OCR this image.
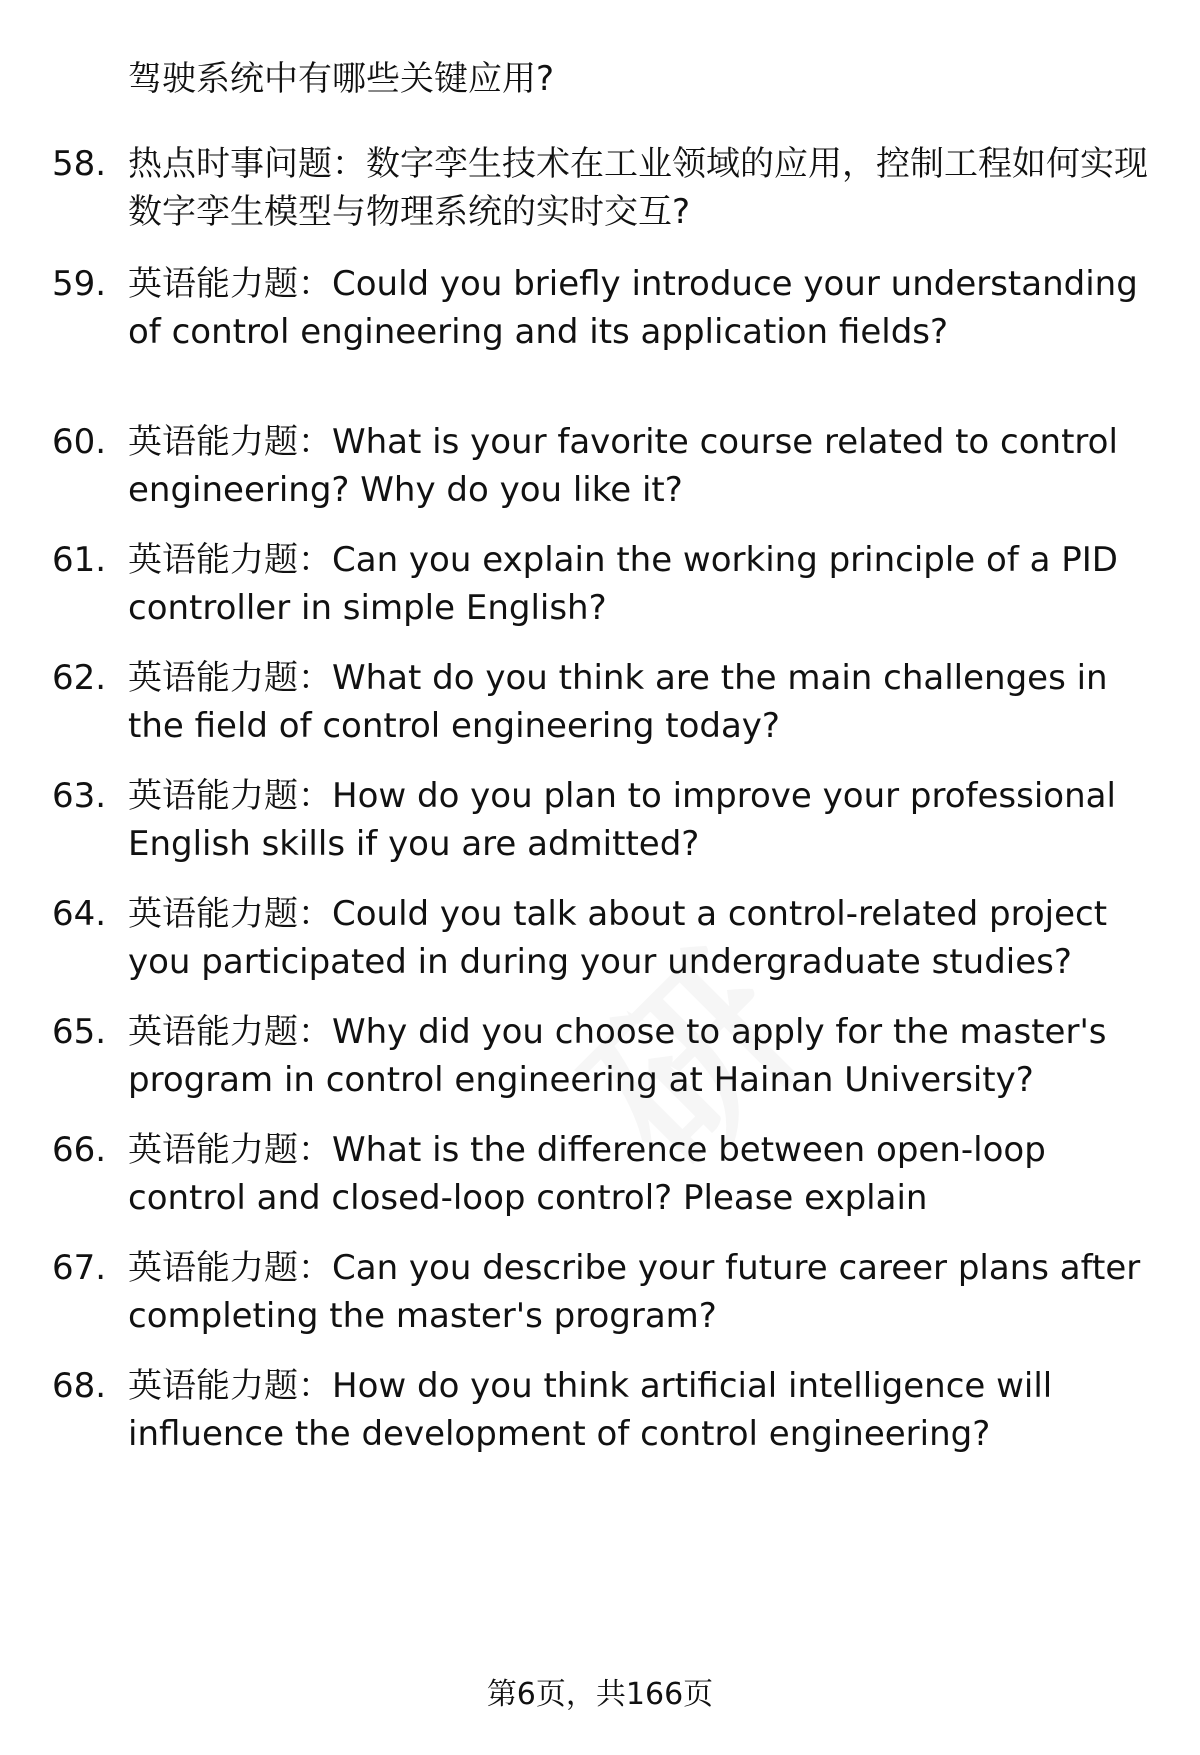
驾驶系统中有哪些关键应用?
58. 热点时事问题：数字孪生技术在工业领域的应用，控制工程如何实现数字孪生模型与物理系统的实时交互?
59. 英语能力题：Could you briefly introduce your understanding of control engineering and its application fields?
60. 英语能力题：What is your favorite course related to control engineering? Why do you like it?
61. 英语能力题：Can you explain the working principle of a PID controller in simple English?
62. 英语能力题：What do you think are the main challenges in the field of control engineering today?
63. 英语能力题：How do you plan to improve your professional English skills if you are admitted?
64. 英语能力题：Could you talk about a control-related project you participated in during your undergraduate studies?
65. 英语能力题：Why did you choose to apply for the master's program in control engineering at Hainan University?
66. 英语能力题：What is the difference between open-loop control and closed-loop control? Please explain
67. 英语能力题：Can you describe your future career plans after completing the master's program?
68. 英语能力题：How do you think artificial intelligence will influence the development of control engineering?
第6页，共166页
